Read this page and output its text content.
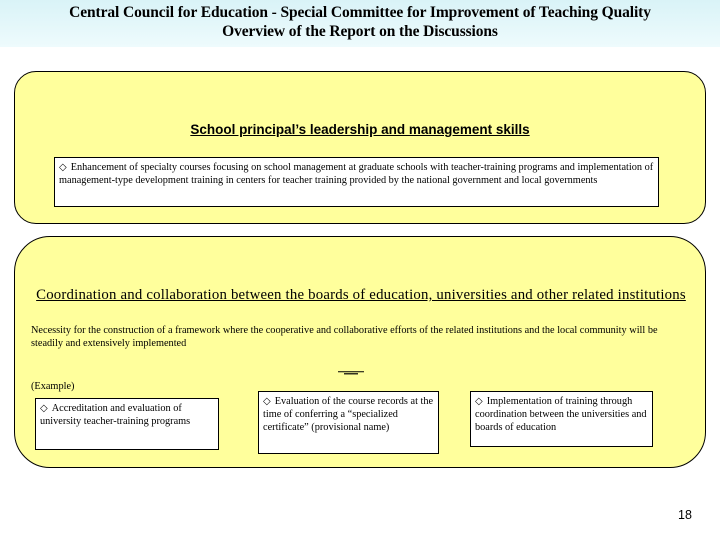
Central Council for Education - Special Committee for Improvement of Teaching Quality
Overview of the Report on the Discussions
School principal’s leadership and management skills
◇ Enhancement of specialty courses focusing on school management at graduate schools with teacher-training programs and implementation of management-type development training in centers for teacher training provided by the national government and local governments
Coordination and collaboration between the boards of education, universities and other related institutions
Necessity for the construction of a framework where the cooperative and collaborative efforts of the related institutions and the local community will be steadily and extensively implemented
(Example)
◇ Accreditation and evaluation of university teacher-training programs
◇ Evaluation of the course records at the time of conferring a “specialized certificate” (provisional name)
◇ Implementation of training through coordination between the universities and boards of education
18
